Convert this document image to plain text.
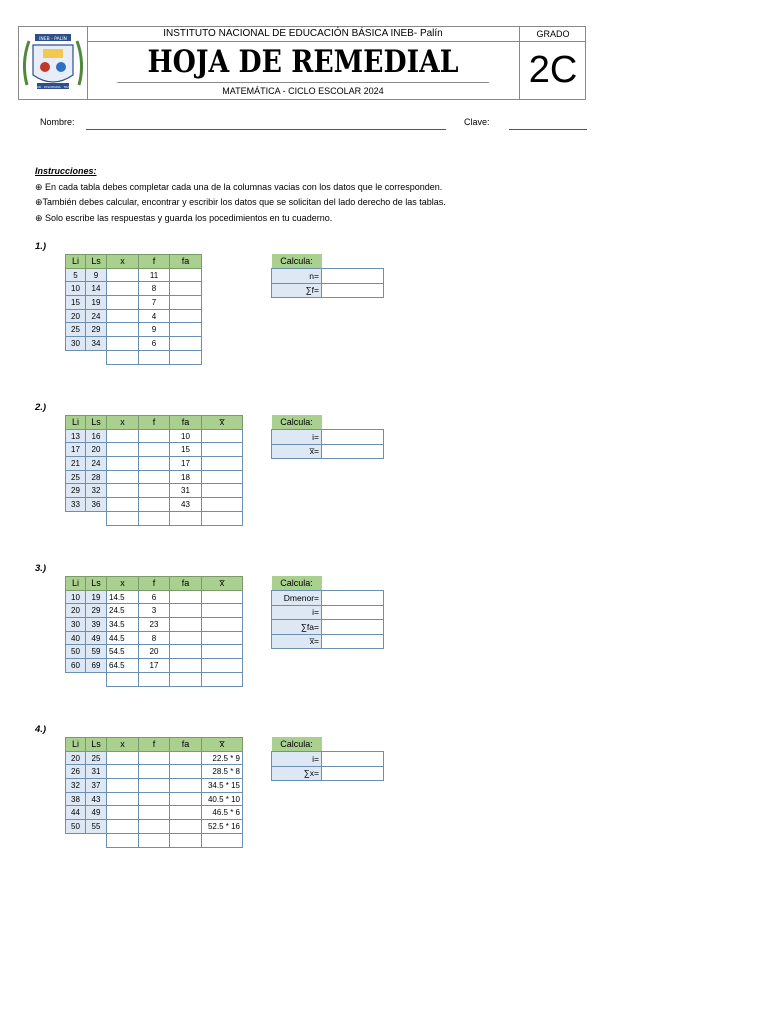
INEB - PALÍN
UNIDAD · DISCIPLINA · TRABAJO
INSTITUTO NACIONAL DE EDUCACIÓN BÁSICA INEB- Palín
HOJA DE REMEDIAL
MATEMÁTICA - CICLO ESCOLAR 2024
GRADO
2C
Nombre:	Clave:
Instrucciones:
⊕ En cada tabla debes completar cada una de la columnas vacias con los datos que le corresponden.
⊕También debes calcular, encontrar y escribir los datos que se solicitan del lado derecho de las tablas.
⊕ Solo escribe las respuestas y guarda los pocedimientos en tu cuaderno.
1.)
Li	Ls	x	f	fa
5	9		11	
10	14		8	
15	19		7	
20	24		4	
25	29		9	
30	34		6	

Calcula:	
n=	
∑f=	
2.)
Li	Ls	x	f	fa	x̅
13	16			10	
17	20			15	
21	24			17	
25	28			18	
29	32			31	
33	36			43	

Calcula:	
i=	
x̅=	
3.)
Li	Ls	x	f	fa	x̅
10	19	14.5	6		
20	29	24.5	3		
30	39	34.5	23		
40	49	44.5	8		
50	59	54.5	20		
60	69	64.5	17		

Calcula:	
Dmenor=	
i=	
∑fa=	
x̅=	
4.)
Li	Ls	x	f	fa	x̅
20	25				22.5 * 9
26	31				28.5 * 8
32	37				34.5 * 15
38	43				40.5 * 10
44	49				46.5 * 6
50	55				52.5 * 16

Calcula:	
i=	
∑x=	
